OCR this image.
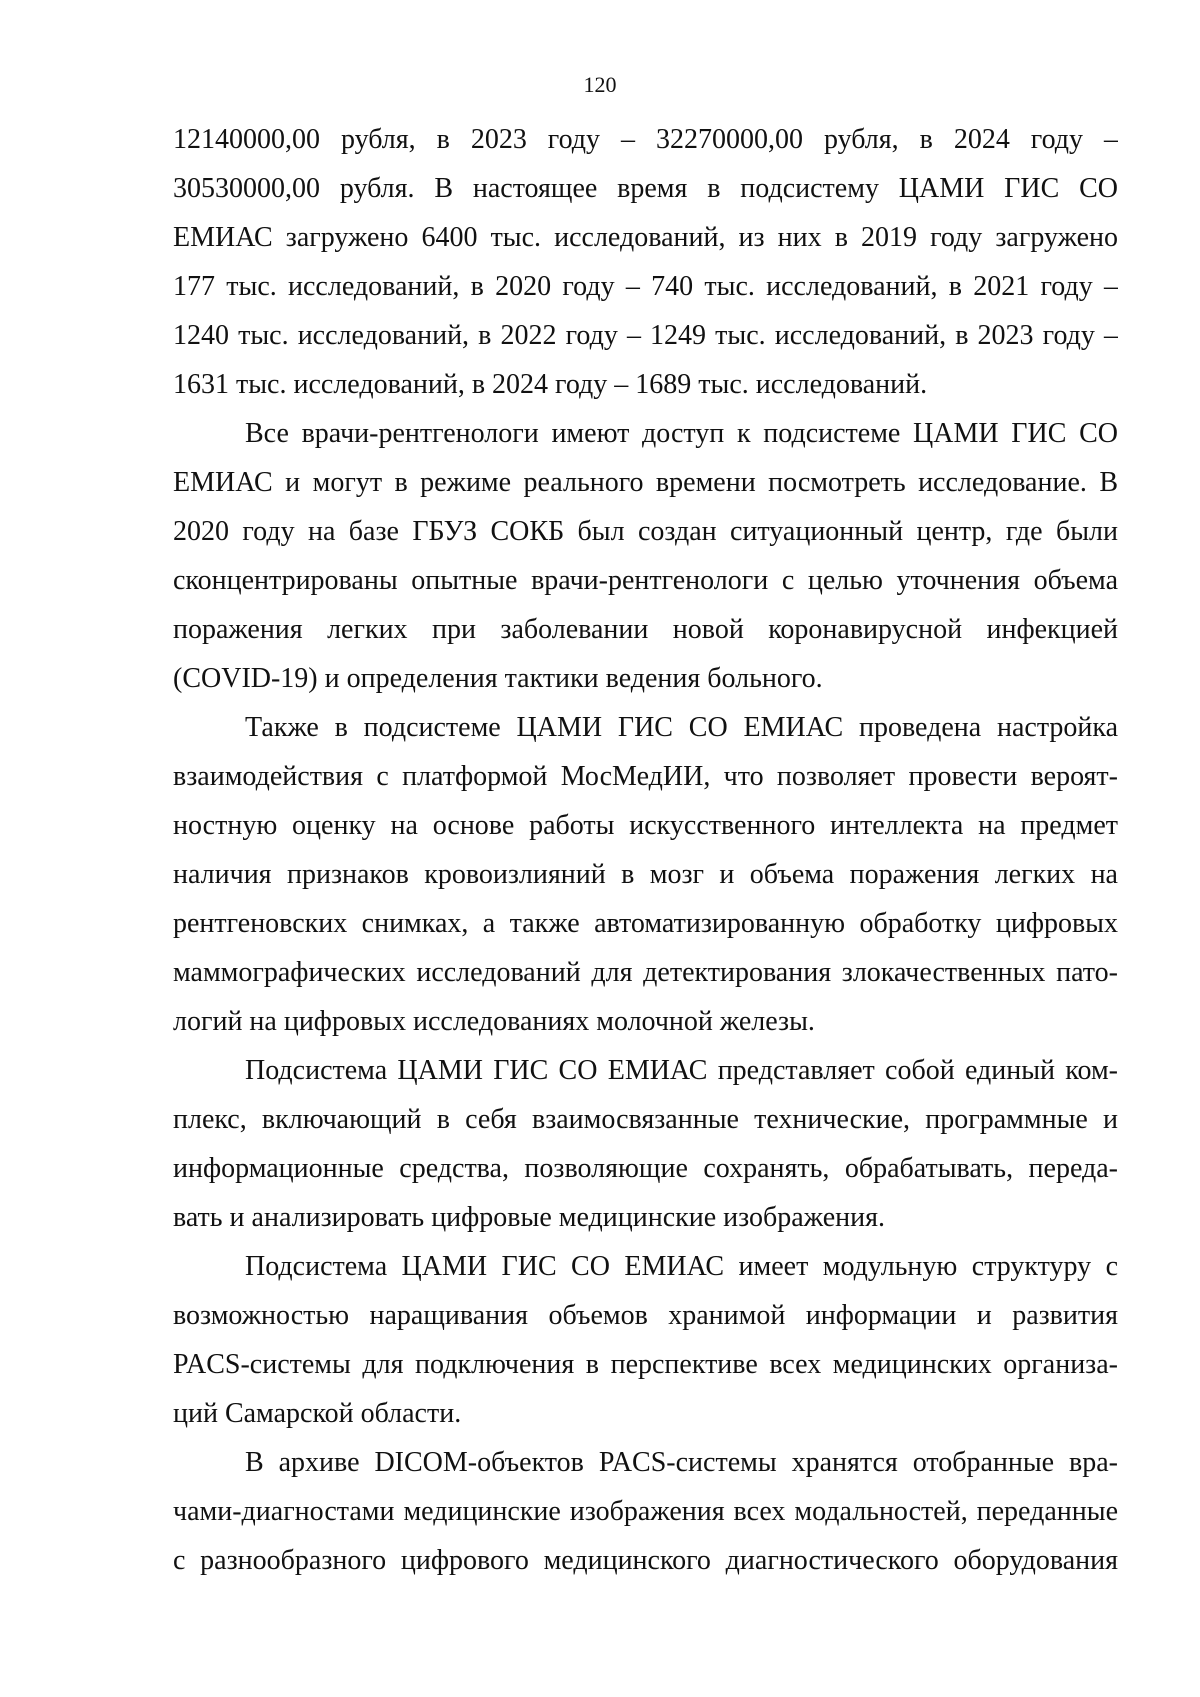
120
12140000,00 рубля, в 2023 году – 32270000,00 рубля, в 2024 году –
30530000,00 рубля. В настоящее время в подсистему ЦАМИ ГИС СО
ЕМИАС загружено 6400 тыс. исследований, из них в 2019 году загружено
177 тыс. исследований, в 2020 году – 740 тыс. исследований, в 2021 году –
1240 тыс. исследований, в 2022 году – 1249 тыс. исследований, в 2023 году –
1631 тыс. исследований, в 2024 году – 1689 тыс. исследований.
Все врачи-рентгенологи имеют доступ к подсистеме ЦАМИ ГИС СО
ЕМИАС и могут в режиме реального времени посмотреть исследование. В
2020 году на базе ГБУЗ СОКБ был создан ситуационный центр, где были
сконцентрированы опытные врачи-рентгенологи с целью уточнения объема
поражения легких при заболевании новой коронавирусной инфекцией
(COVID-19) и определения тактики ведения больного.
Также в подсистеме ЦАМИ ГИС СО ЕМИАС проведена настройка
взаимодействия с платформой МосМедИИ, что позволяет провести вероят-
ностную оценку на основе работы искусственного интеллекта на предмет
наличия признаков кровоизлияний в мозг и объема поражения легких на
рентгеновских снимках, а также автоматизированную обработку цифровых
маммографических исследований для детектирования злокачественных пато-
логий на цифровых исследованиях молочной железы.
Подсистема ЦАМИ ГИС СО ЕМИАС представляет собой единый ком-
плекс, включающий в себя взаимосвязанные технические, программные и
информационные средства, позволяющие сохранять, обрабатывать, переда-
вать и анализировать цифровые медицинские изображения.
Подсистема ЦАМИ ГИС СО ЕМИАС имеет модульную структуру с
возможностью наращивания объемов хранимой информации и развития
PACS-системы для подключения в перспективе всех медицинских организа-
ций Самарской области.
В архиве DICOM-объектов PACS-системы хранятся отобранные вра-
чами-диагностами медицинские изображения всех модальностей, переданные
с разнообразного цифрового медицинского диагностического оборудования
